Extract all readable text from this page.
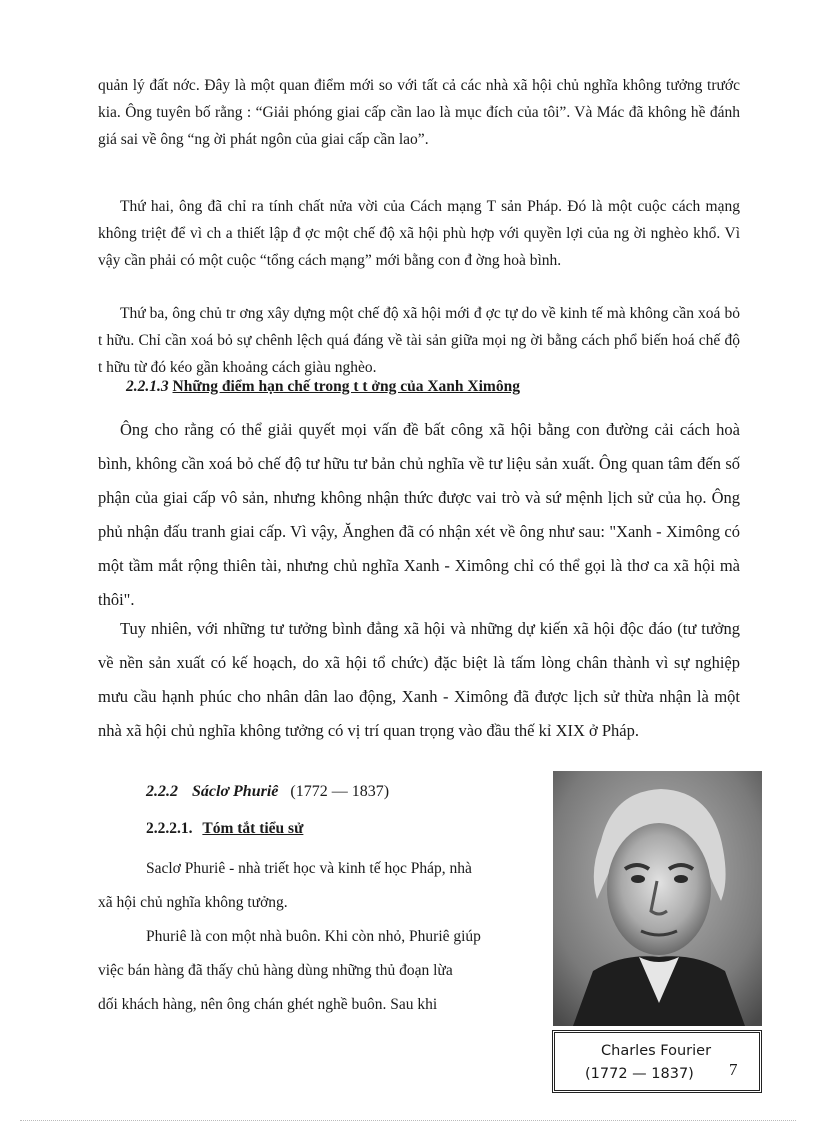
quản lý đất nớc. Đây là một quan điểm mới so với tất cả các nhà xã hội chủ nghĩa không tưởng trước kia. Ông tuyên bố rằng : “Giải phóng giai cấp cần lao là mục đích của tôi”. Và Mác đã không hề đánh giá sai về ông “ng ời phát ngôn của giai cấp cần lao”.
Thứ hai, ông đã chỉ ra tính chất nửa vời của Cách mạng T sản Pháp. Đó là một cuộc cách mạng không triệt để vì ch a thiết lập đ ợc một chế độ xã hội phù hợp với quyền lợi của ng ời nghèo khổ. Vì vậy cần phải có một cuộc “tổng cách mạng” mới bằng con đ ờng hoà bình.
Thứ ba, ông chủ tr ơng xây dựng một chế độ xã hội mới đ ợc tự do về kinh tế mà không cần xoá bỏ t hữu. Chỉ cần xoá bỏ sự chênh lệch quá đáng về tài sản giữa mọi ng ời bằng cách phổ biến hoá chế độ t hữu từ đó kéo gần khoảng cách giàu nghèo.
2.2.1.3 Những điểm hạn chế trong t t ởng của Xanh Ximông
Ông cho rằng có thể giải quyết mọi vấn đề bất công xã hội bằng con đường cải cách hoà bình, không cần xoá bỏ chế độ tư hữu tư bản chủ nghĩa về tư liệu sản xuất. Ông quan tâm đến số phận của giai cấp vô sản, nhưng không nhận thức được vai trò và sứ mệnh lịch sử của họ. Ông phủ nhận đấu tranh giai cấp. Vì vậy, Ănghen đã có nhận xét về ông như sau: "Xanh - Ximông có một tầm mắt rộng thiên tài, nhưng chủ nghĩa Xanh - Ximông chỉ có thể gọi là thơ ca xã hội mà thôi".
Tuy nhiên, với những tư tưởng bình đẳng xã hội và những dự kiến xã hội độc đáo (tư tưởng về nền sản xuất có kế hoạch, do xã hội tổ chức) đặc biệt là tấm lòng chân thành vì sự nghiệp mưu cầu hạnh phúc cho nhân dân lao động, Xanh - Ximông đã được lịch sử thừa nhận là một nhà xã hội chủ nghĩa không tưởng có vị trí quan trọng vào đầu thế kỉ XIX ở Pháp.
2.2.2 Sáclơ Phuriê (1772 — 1837)
2.2.2.1. Tóm tắt tiểu sử
Saclơ Phuriê - nhà triết học và kinh tế học Pháp, nhà
xã hội chủ nghĩa không tưởng.
Phuriê là con một nhà buôn. Khi còn nhỏ, Phuriê giúp
việc bán hàng đã thấy chủ hàng dùng những thủ đoạn lừa
dối khách hàng, nên ông chán ghét nghề buôn. Sau khi
Charles Fourier
(1772 — 1837) 7
